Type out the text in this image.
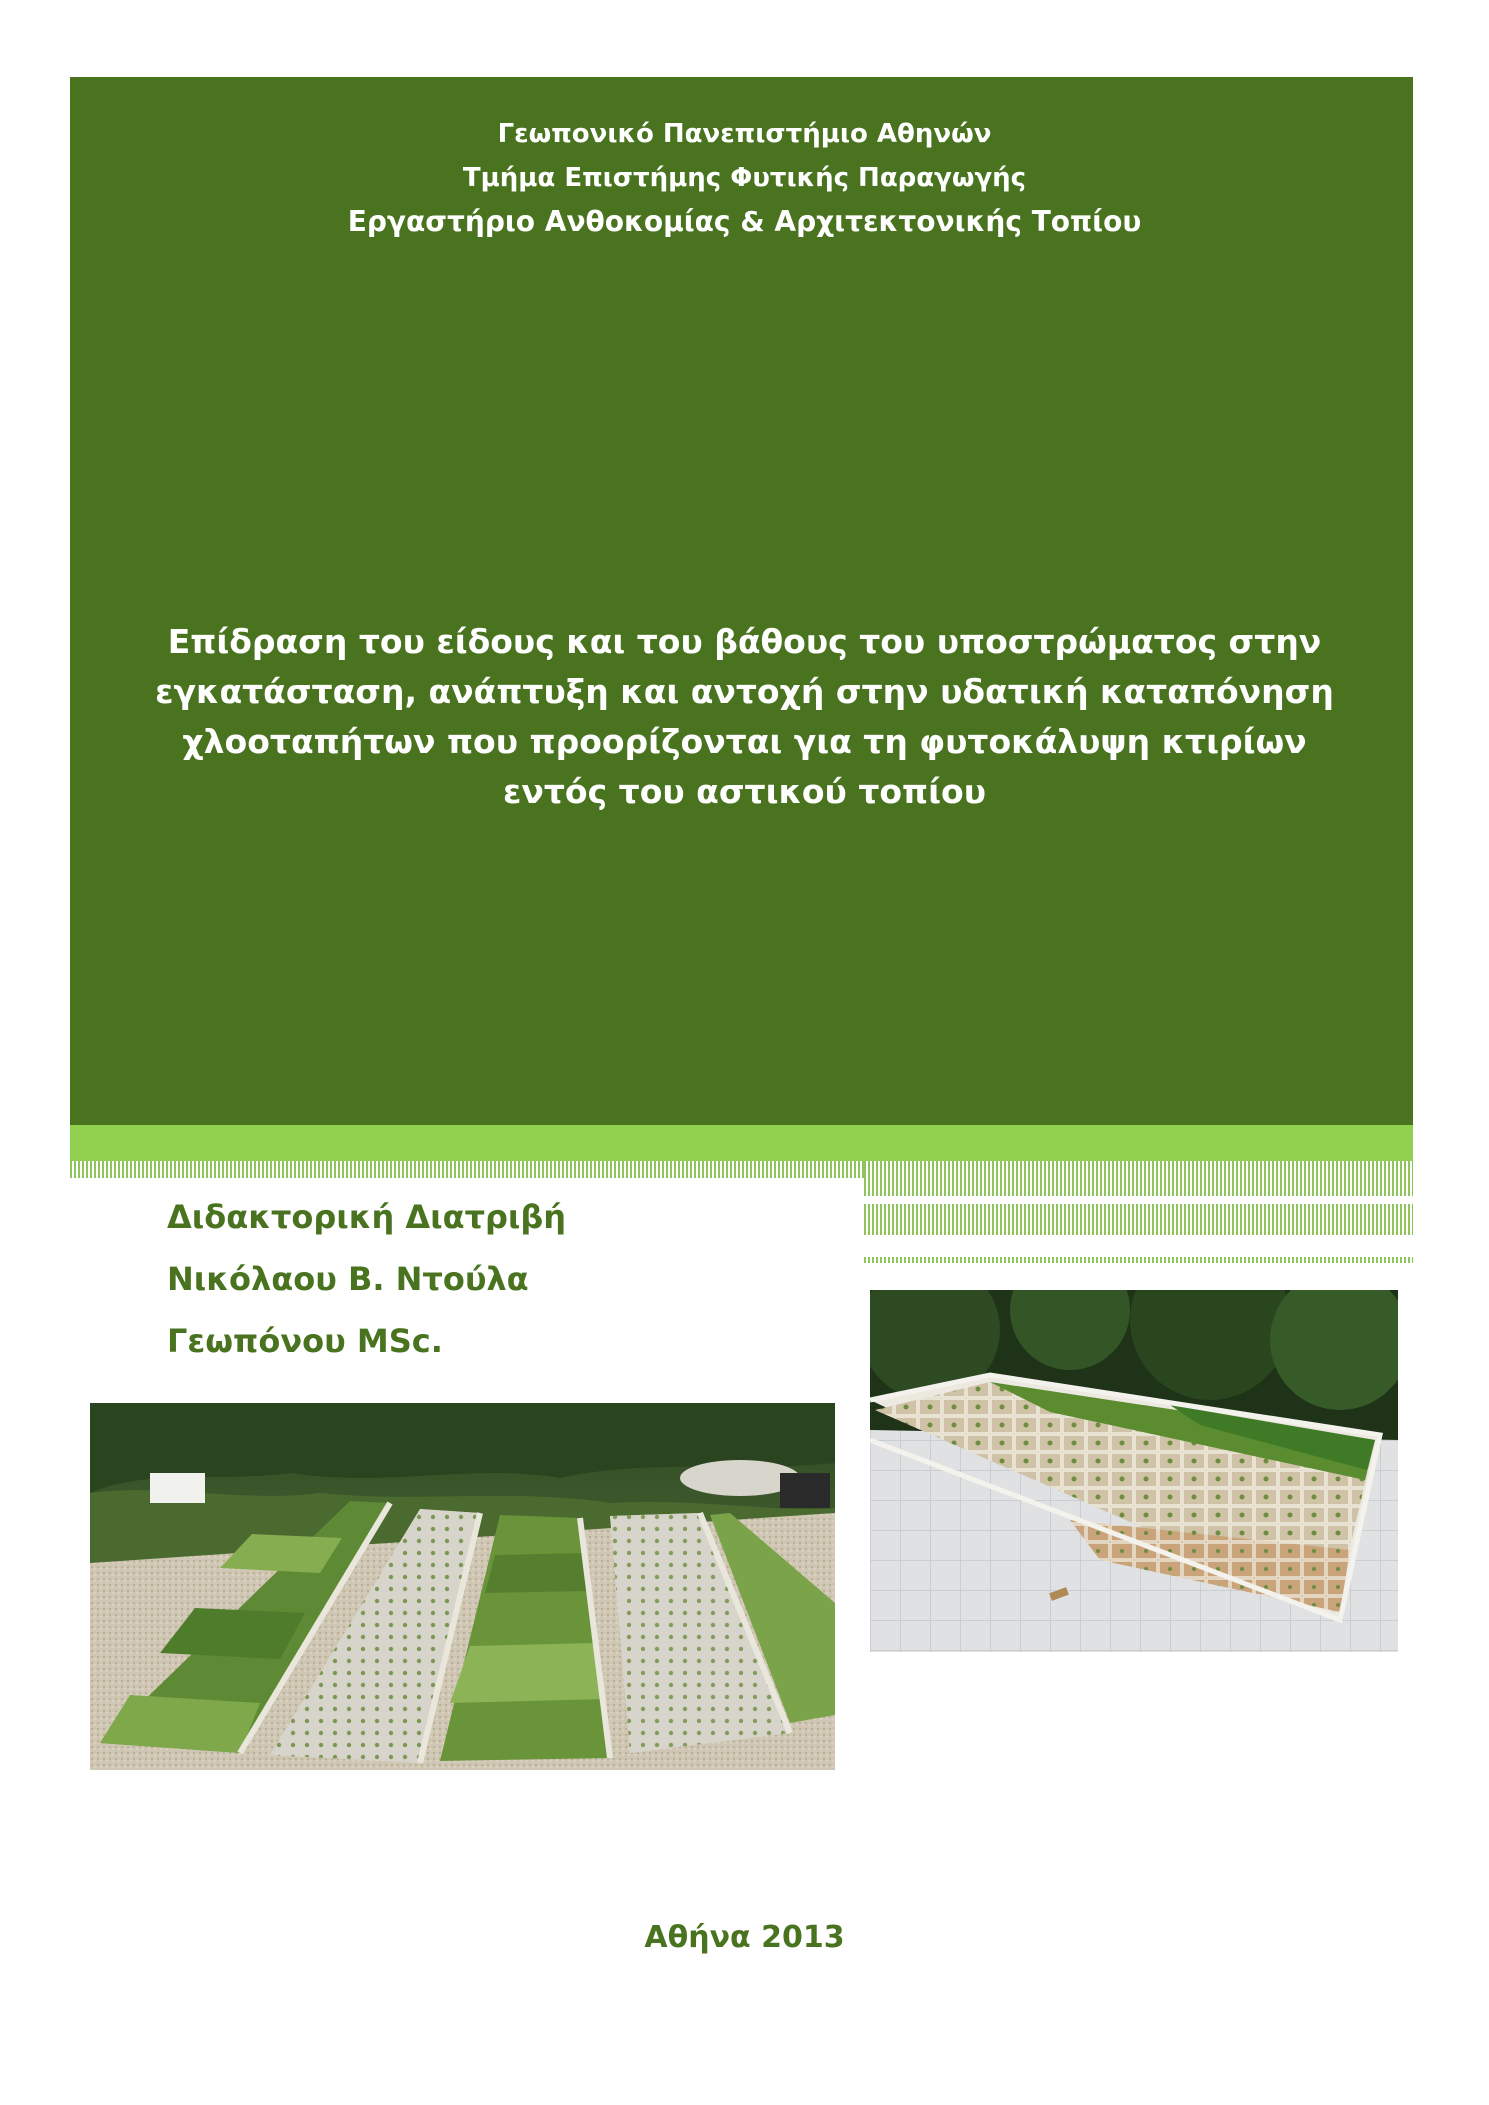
Γεωπονικό Πανεπιστήμιο Αθηνών
Τμήμα Επιστήμης Φυτικής Παραγωγής
Εργαστήριο Ανθοκομίας & Αρχιτεκτονικής Τοπίου
Επίδραση του είδους και του βάθους του υποστρώματος στην
εγκατάσταση, ανάπτυξη και αντοχή στην υδατική καταπόνηση
χλοοταπήτων που προορίζονται για τη φυτοκάλυψη κτιρίων
εντός του αστικού τοπίου
Διδακτορική Διατριβή
Νικόλαου Β. Ντούλα
Γεωπόνου MSc.
Αθήνα 2013
